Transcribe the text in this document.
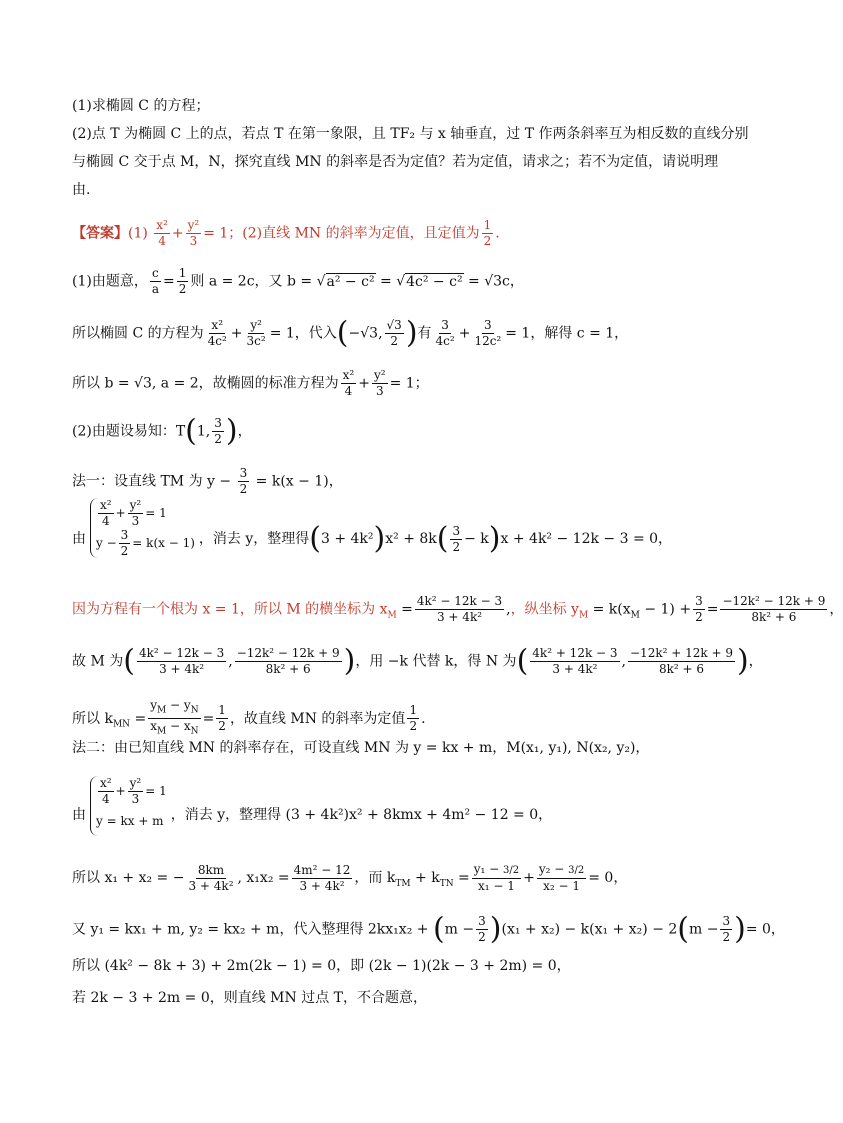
(1)求椭圆 C 的方程；
(2)点 T 为椭圆 C 上的点，若点 T 在第一象限，且 TF₂ 与 x 轴垂直，过 T 作两条斜率互为相反数的直线分别
与椭圆 C 交于点 M，N，探究直线 MN 的斜率是否为定值？若为定值，请求之；若不为定值，请说明理
由.
【答案】$(1) \frac{\text{x²}}{4} + \frac{\text{y²}}{3} = 1$；(2)直线 MN 的斜率为定值，且定值为 $\frac{1}{2}$ .
(1)由题意， $\frac{c}{a} = \frac{1}{2}$ 则 a = 2c，又 b = √a² − c² = √4c² − c² = √3c，
所以椭圆 C 的方程为 $\frac{\text{x²}}{\text{4c²}} + \frac{\text{y²}}{\text{3c²}} = 1$，代入(−√3, $\frac{√3}{2}$ )有 $\frac{3}{\text{4c²}} + \frac{3}{\text{12c²}} = 1$，解得 c = 1，
所以 b = √3, a = 2，故椭圆的标准方程为 $\frac{\text{x²}}{4} + \frac{\text{y²}}{3} = 1$；
(2)由题设易知：T(1, $\frac{3}{2}$ )，
法一：设直线 TM 为 $y - \frac{3}{2} = k(x - 1)$，
由
$\frac{\text{x²}}{4} + \frac{\text{y²}}{3} = 1$
$y - \frac{3}{2} = k(x - 1)$ ，消去 y，整理得$(3 + 4k^2)x^2 + 8k( \frac{3}{2} - k)x + 4k^2 - 12k - 3 = 0$，
因为方程有一个根为 x = 1，所以 M 的横坐标为 $x_M = \frac{\text{4k² − 12k − 3}}{\text{3 + 4k²}}$ ,，纵坐标 $y_M = k(x_M - 1) + \frac{3}{2} = \frac{\text{−12k² − 12k + 9}}{\text{8k² + 6}}$ ，
故 M 为( $\frac{\text{4k² − 12k − 3}}{\text{3 + 4k²}}$ , $\frac{\text{−12k² − 12k + 9}}{\text{8k² + 6}}$ )，用 −k 代替 k，得 N 为( $\frac{\text{4k² + 12k − 3}}{\text{3 + 4k²}}$ , $\frac{\text{−12k² + 12k + 9}}{\text{8k² + 6}}$ )，
所以 $k_{MN} = \frac{y_M - y_N}{x_M - x_N} = \frac{1}{2}$ ，故直线 MN 的斜率为定值 $\frac{1}{2}$ .
法二：由已知直线 MN 的斜率存在，可设直线 MN 为 y = kx + m，M(x₁, y₁), N(x₂, y₂)，
由
$\frac{\text{x²}}{4} + \frac{\text{y²}}{3} = 1$
y = kx + m ，消去 y，整理得 (3 + 4k²)x² + 8kmx + 4m² − 12 = 0，
所以 x₁ + x₂ = − $\frac{8km}{\text{3 + 4k²}}$ , $x_1x_2 = \frac{\text{4m² − 12}}{\text{3 + 4k²}}$ ，而 $k_{TM} + k_{TN} = \frac{\text{y₁ − 3/2}}{\text{x₁ − 1}} + \frac{\text{y₂ − 3/2}}{\text{x₂ − 1}} = 0$，
又 y₁ = kx₁ + m, y₂ = kx₂ + m，代入整理得 $2kx_1x_2 + (m - \frac{3}{2} )(x_1 + x_2) - k(x_1 + x_2) - 2(m - \frac{3}{2}$ )= 0，
所以 (4k² − 8k + 3) + 2m(2k − 1) = 0，即 (2k − 1)(2k − 3 + 2m) = 0，
若 2k − 3 + 2m = 0，则直线 MN 过点 T，不合题意，
